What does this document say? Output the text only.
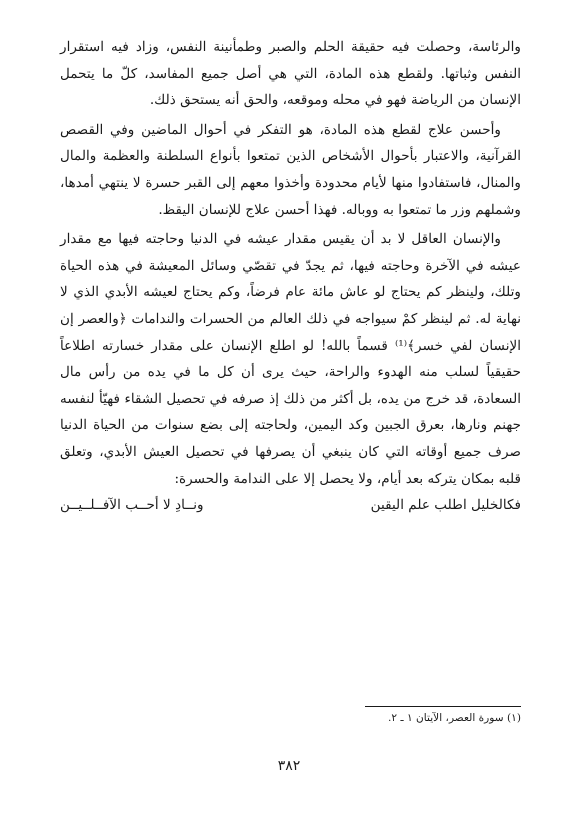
والرئاسة، وحصلت فيه حقيقة الحلم والصبر وطمأنينة النفس، وزاد فيه استقرار النفس وثباتها. ولقطع هذه المادة، التي هي أصل جميع المفاسد، كلّ ما يتحمل الإنسان من الرياضة فهو في محله وموقعه، والحق أنه يستحق ذلك.

وأحسن علاج لقطع هذه المادة، هو التفكر في أحوال الماضين وفي القصص القرآنية، والاعتبار بأحوال الأشخاص الذين تمتعوا بأنواع السلطنة والعظمة والمال والمنال، فاستفادوا منها لأيام محدودة وأخذوا معهم إلى القبر حسرة لا ينتهي أمدها، وشملهم وزر ما تمتعوا به ووباله. فهذا أحسن علاج للإنسان اليقظ.

والإنسان العاقل لا بد أن يقيس مقدار عيشه في الدنيا وحاجته فيها مع مقدار عيشه في الآخرة وحاجته فيها، ثم يجدّ في تقصّي وسائل المعيشة في هذه الحياة وتلك، ولينظر كم يحتاج لو عاش مائة عام فرضاً، وكم يحتاج لعيشه الأبدي الذي لا نهاية له. ثم لينظر كمْ سيواجه في ذلك العالم من الحسرات والندامات ﴿والعصر إن الإنسان لفي خسر﴾⁽¹⁾ قسماً بالله! لو اطلع الإنسان على مقدار خسارته اطلاعاً حقيقياً لسلب منه الهدوء والراحة، حيث يرى أن كل ما في يده من رأس مال السعادة، قد خرج من يده، بل أكثر من ذلك إذ صرفه في تحصيل الشقاء فهيّأ لنفسه جهنم ونارها، بعرق الجبين وكد اليمين، ولحاجته إلى بضع سنوات من الحياة الدنيا صرف جميع أوقاته التي كان ينبغي أن يصرفها في تحصيل العيش الأبدي، وتعلق قلبه بمكان يتركه بعد أيام، ولا يحصل إلا على الندامة والحسرة:

فكالخليل اطلب علم اليقين
ونــادِ لا أحــب الآفــلــيــن
(١) سورة العصر، الآيتان ١ ـ ٢.
٣٨٢
